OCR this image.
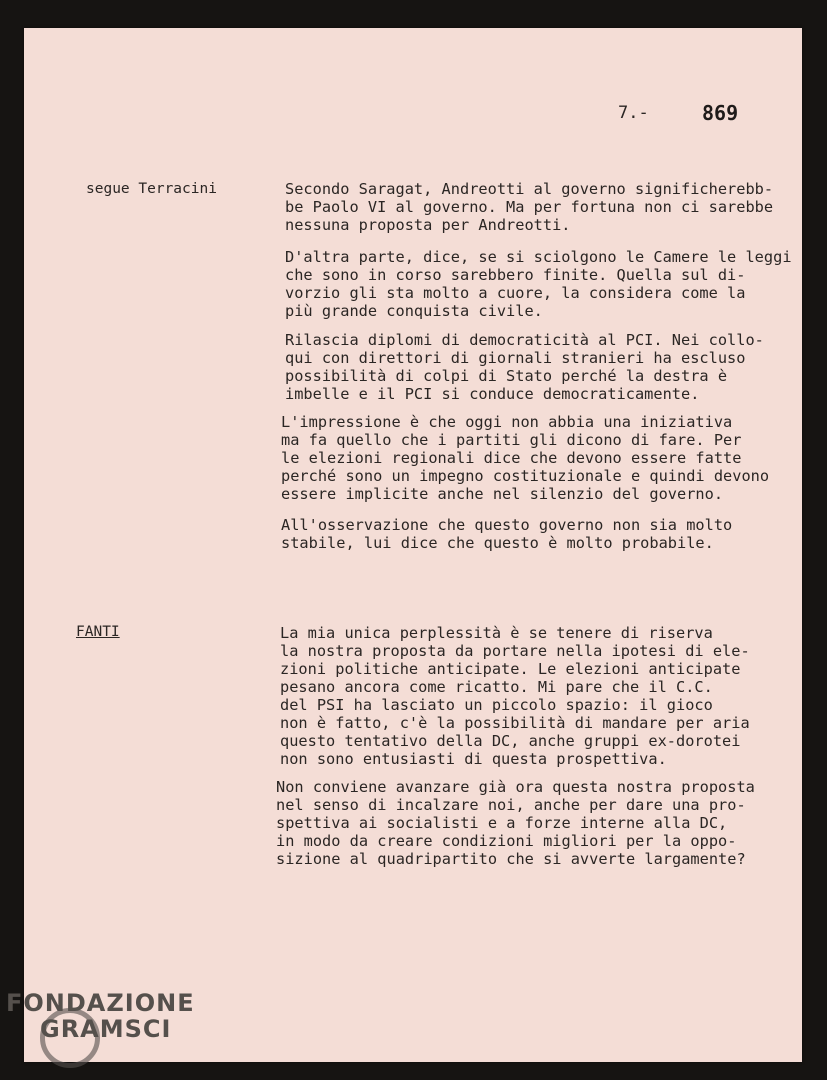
7.-	869
segue Terracini
FANTI
Secondo Saragat, Andreotti al governo significherebb-
be Paolo VI al governo. Ma per fortuna non ci sarebbe
nessuna proposta per Andreotti.
D'altra parte, dice, se si sciolgono le Camere le leggi
che sono in corso sarebbero finite. Quella sul di-
vorzio gli sta molto a cuore, la considera come la
più grande conquista civile.
Rilascia diplomi di democraticità al PCI. Nei collo-
qui con direttori di giornali stranieri ha escluso
possibilità di colpi di Stato perché la destra è
imbelle e il PCI si conduce democraticamente.
L'impressione è che oggi non abbia una iniziativa
ma fa quello che i partiti gli dicono di fare. Per
le elezioni regionali dice che devono essere fatte
perché sono un impegno costituzionale e quindi devono
essere implicite anche nel silenzio del governo.
All'osservazione che questo governo non sia molto
stabile, lui dice che questo è molto probabile.
La mia unica perplessità è se tenere di riserva
la nostra proposta da portare nella ipotesi di ele-
zioni politiche anticipate. Le elezioni anticipate
pesano ancora come ricatto. Mi pare che il C.C.
del PSI ha lasciato un piccolo spazio: il gioco
non è fatto, c'è la possibilità di mandare per aria
questo tentativo della DC, anche gruppi ex-dorotei
non sono entusiasti di questa prospettiva.
Non conviene avanzare già ora questa nostra proposta
nel senso di incalzare noi, anche per dare una pro-
spettiva ai socialisti e a forze interne alla DC,
in modo da creare condizioni migliori per la oppo-
sizione al quadripartito che si avverte largamente?
FONDAZIONE
GRAMSCI
